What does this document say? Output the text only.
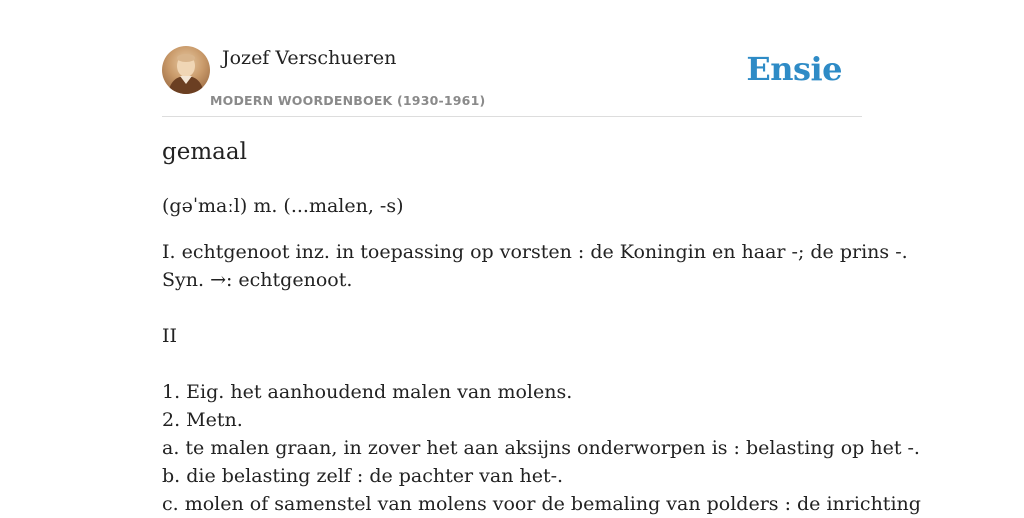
Jozef Verschueren
MODERN WOORDENBOEK (1930-1961)
Ensie
gemaal
(gəˈmaːl) m. (...malen, -s)
I. echtgenoot inz. in toepassing op vorsten : de Koningin en haar -; de prins -.
Syn. →: echtgenoot.
II
1. Eig. het aanhoudend malen van molens.
2. Metn.
a. te malen graan, in zover het aan aksijns onderworpen is : belasting op het -.
b. die belasting zelf : de pachter van het-.
c. molen of samenstel van molens voor de bemaling van polders : de inrichting
